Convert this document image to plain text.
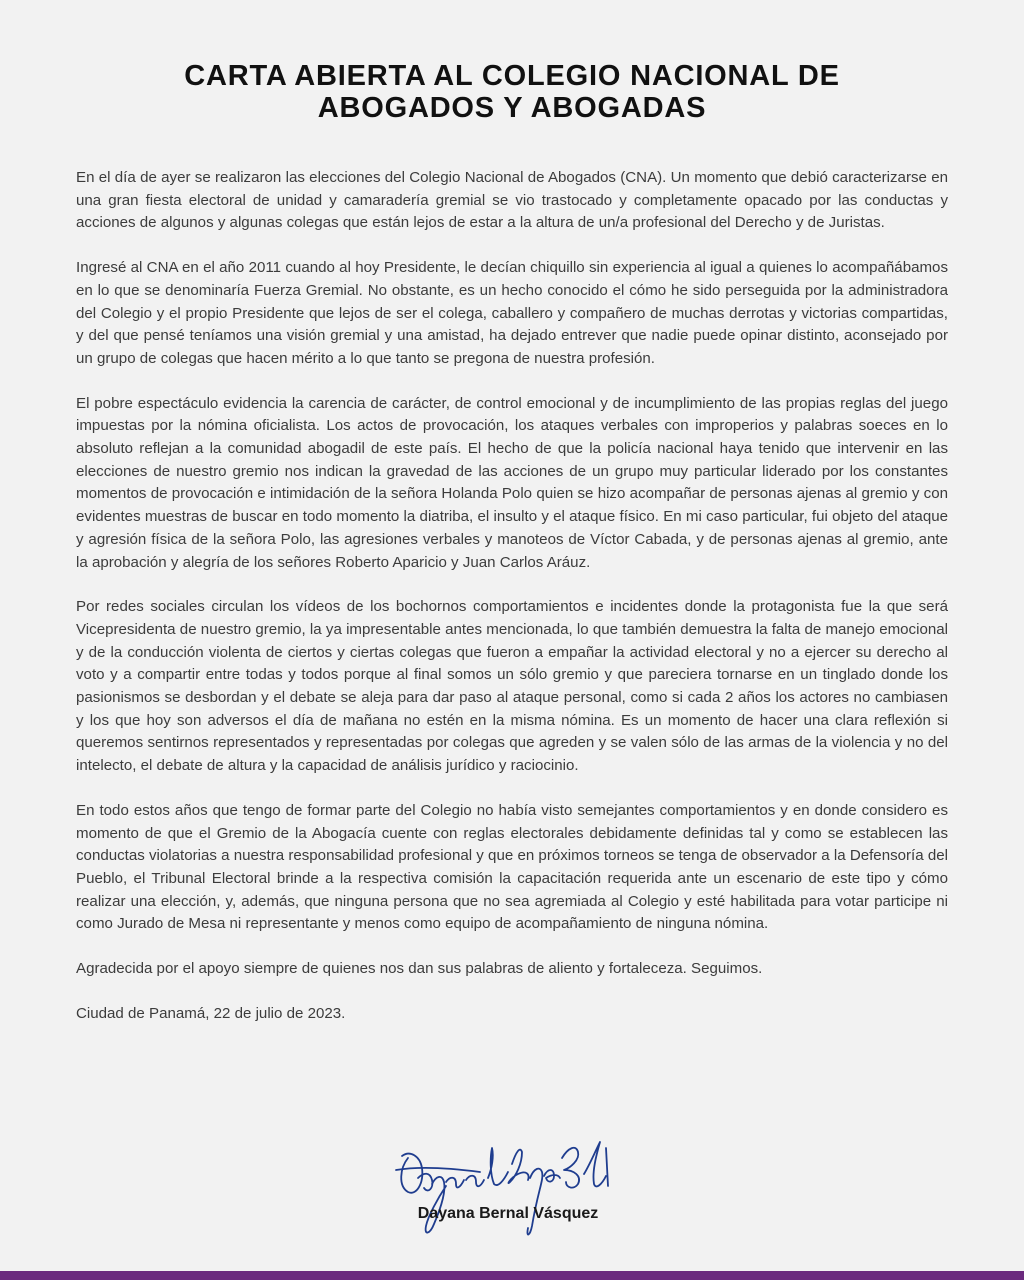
CARTA ABIERTA AL COLEGIO NACIONAL DE
ABOGADOS Y ABOGADAS

En el día de ayer se realizaron las elecciones del Colegio Nacional de Abogados (CNA). Un momento que debió caracterizarse en una gran fiesta electoral de unidad y camaradería gremial se vio trastocado y completamente opacado por las conductas y acciones de algunos y algunas colegas que están lejos de estar a la altura de un/a profesional del Derecho y de Juristas.

Ingresé al CNA en el año 2011 cuando al hoy Presidente, le decían chiquillo sin experiencia al igual a quienes lo acompañábamos en lo que se denominaría Fuerza Gremial. No obstante, es un hecho conocido el cómo he sido perseguida por la administradora del Colegio y el propio Presidente que lejos de ser el colega, caballero y compañero de muchas derrotas y victorias compartidas, y del que pensé teníamos una visión gremial y una amistad, ha dejado entrever que nadie puede opinar distinto, aconsejado por un grupo de colegas que hacen mérito a lo que tanto se pregona de nuestra profesión.

El pobre espectáculo evidencia la carencia de carácter, de control emocional y de incumplimiento de las propias reglas del juego impuestas por la nómina oficialista. Los actos de provocación, los ataques verbales con improperios y palabras soeces en lo absoluto reflejan a la comunidad abogadil de este país. El hecho de que la policía nacional haya tenido que intervenir en las elecciones de nuestro gremio nos indican la gravedad de las acciones de un grupo muy particular liderado por los constantes momentos de provocación e intimidación de la señora Holanda Polo quien se hizo acompañar de personas ajenas al gremio y con evidentes muestras de buscar en todo momento la diatriba, el insulto y el ataque físico. En mi caso particular, fui objeto del ataque y agresión física de la señora Polo, las agresiones verbales y manoteos de Víctor Cabada, y de personas ajenas al gremio, ante la aprobación y alegría de los señores Roberto Aparicio y Juan Carlos Aráuz.

Por redes sociales circulan los vídeos de los bochornos comportamientos e incidentes donde la protagonista fue la que será Vicepresidenta de nuestro gremio, la ya impresentable antes mencionada, lo que también demuestra la falta de manejo emocional y de la conducción violenta de ciertos y ciertas colegas que fueron a empañar la actividad electoral y no a ejercer su derecho al voto y a compartir entre todas y todos porque al final somos un sólo gremio y que pareciera tornarse en un tinglado donde los pasionismos se desbordan y el debate se aleja para dar paso al ataque personal, como si cada 2 años los actores no cambiasen y los que hoy son adversos el día de mañana no estén en la misma nómina. Es un momento de hacer una clara reflexión si queremos sentirnos representados y representadas por colegas que agreden y se valen sólo de las armas de la violencia y no del intelecto, el debate de altura y la capacidad de análisis jurídico y raciocinio.

En todo estos años que tengo de formar parte del Colegio no había visto semejantes comportamientos y en donde considero es momento de que el Gremio de la Abogacía cuente con reglas electorales debidamente definidas tal y como se establecen las conductas violatorias a nuestra responsabilidad profesional y que en próximos torneos se tenga de observador a la Defensoría del Pueblo, el Tribunal Electoral brinde a la respectiva comisión la capacitación requerida ante un escenario de este tipo y cómo realizar una elección, y, además, que ninguna persona que no sea agremiada al Colegio y esté habilitada para votar participe ni como Jurado de Mesa ni representante y menos como equipo de acompañamiento de ninguna nómina.

Agradecida por el apoyo siempre de quienes nos dan sus palabras de aliento y fortaleceza. Seguimos.

Ciudad de Panamá, 22 de julio de 2023.

Dayana Bernal Vásquez
